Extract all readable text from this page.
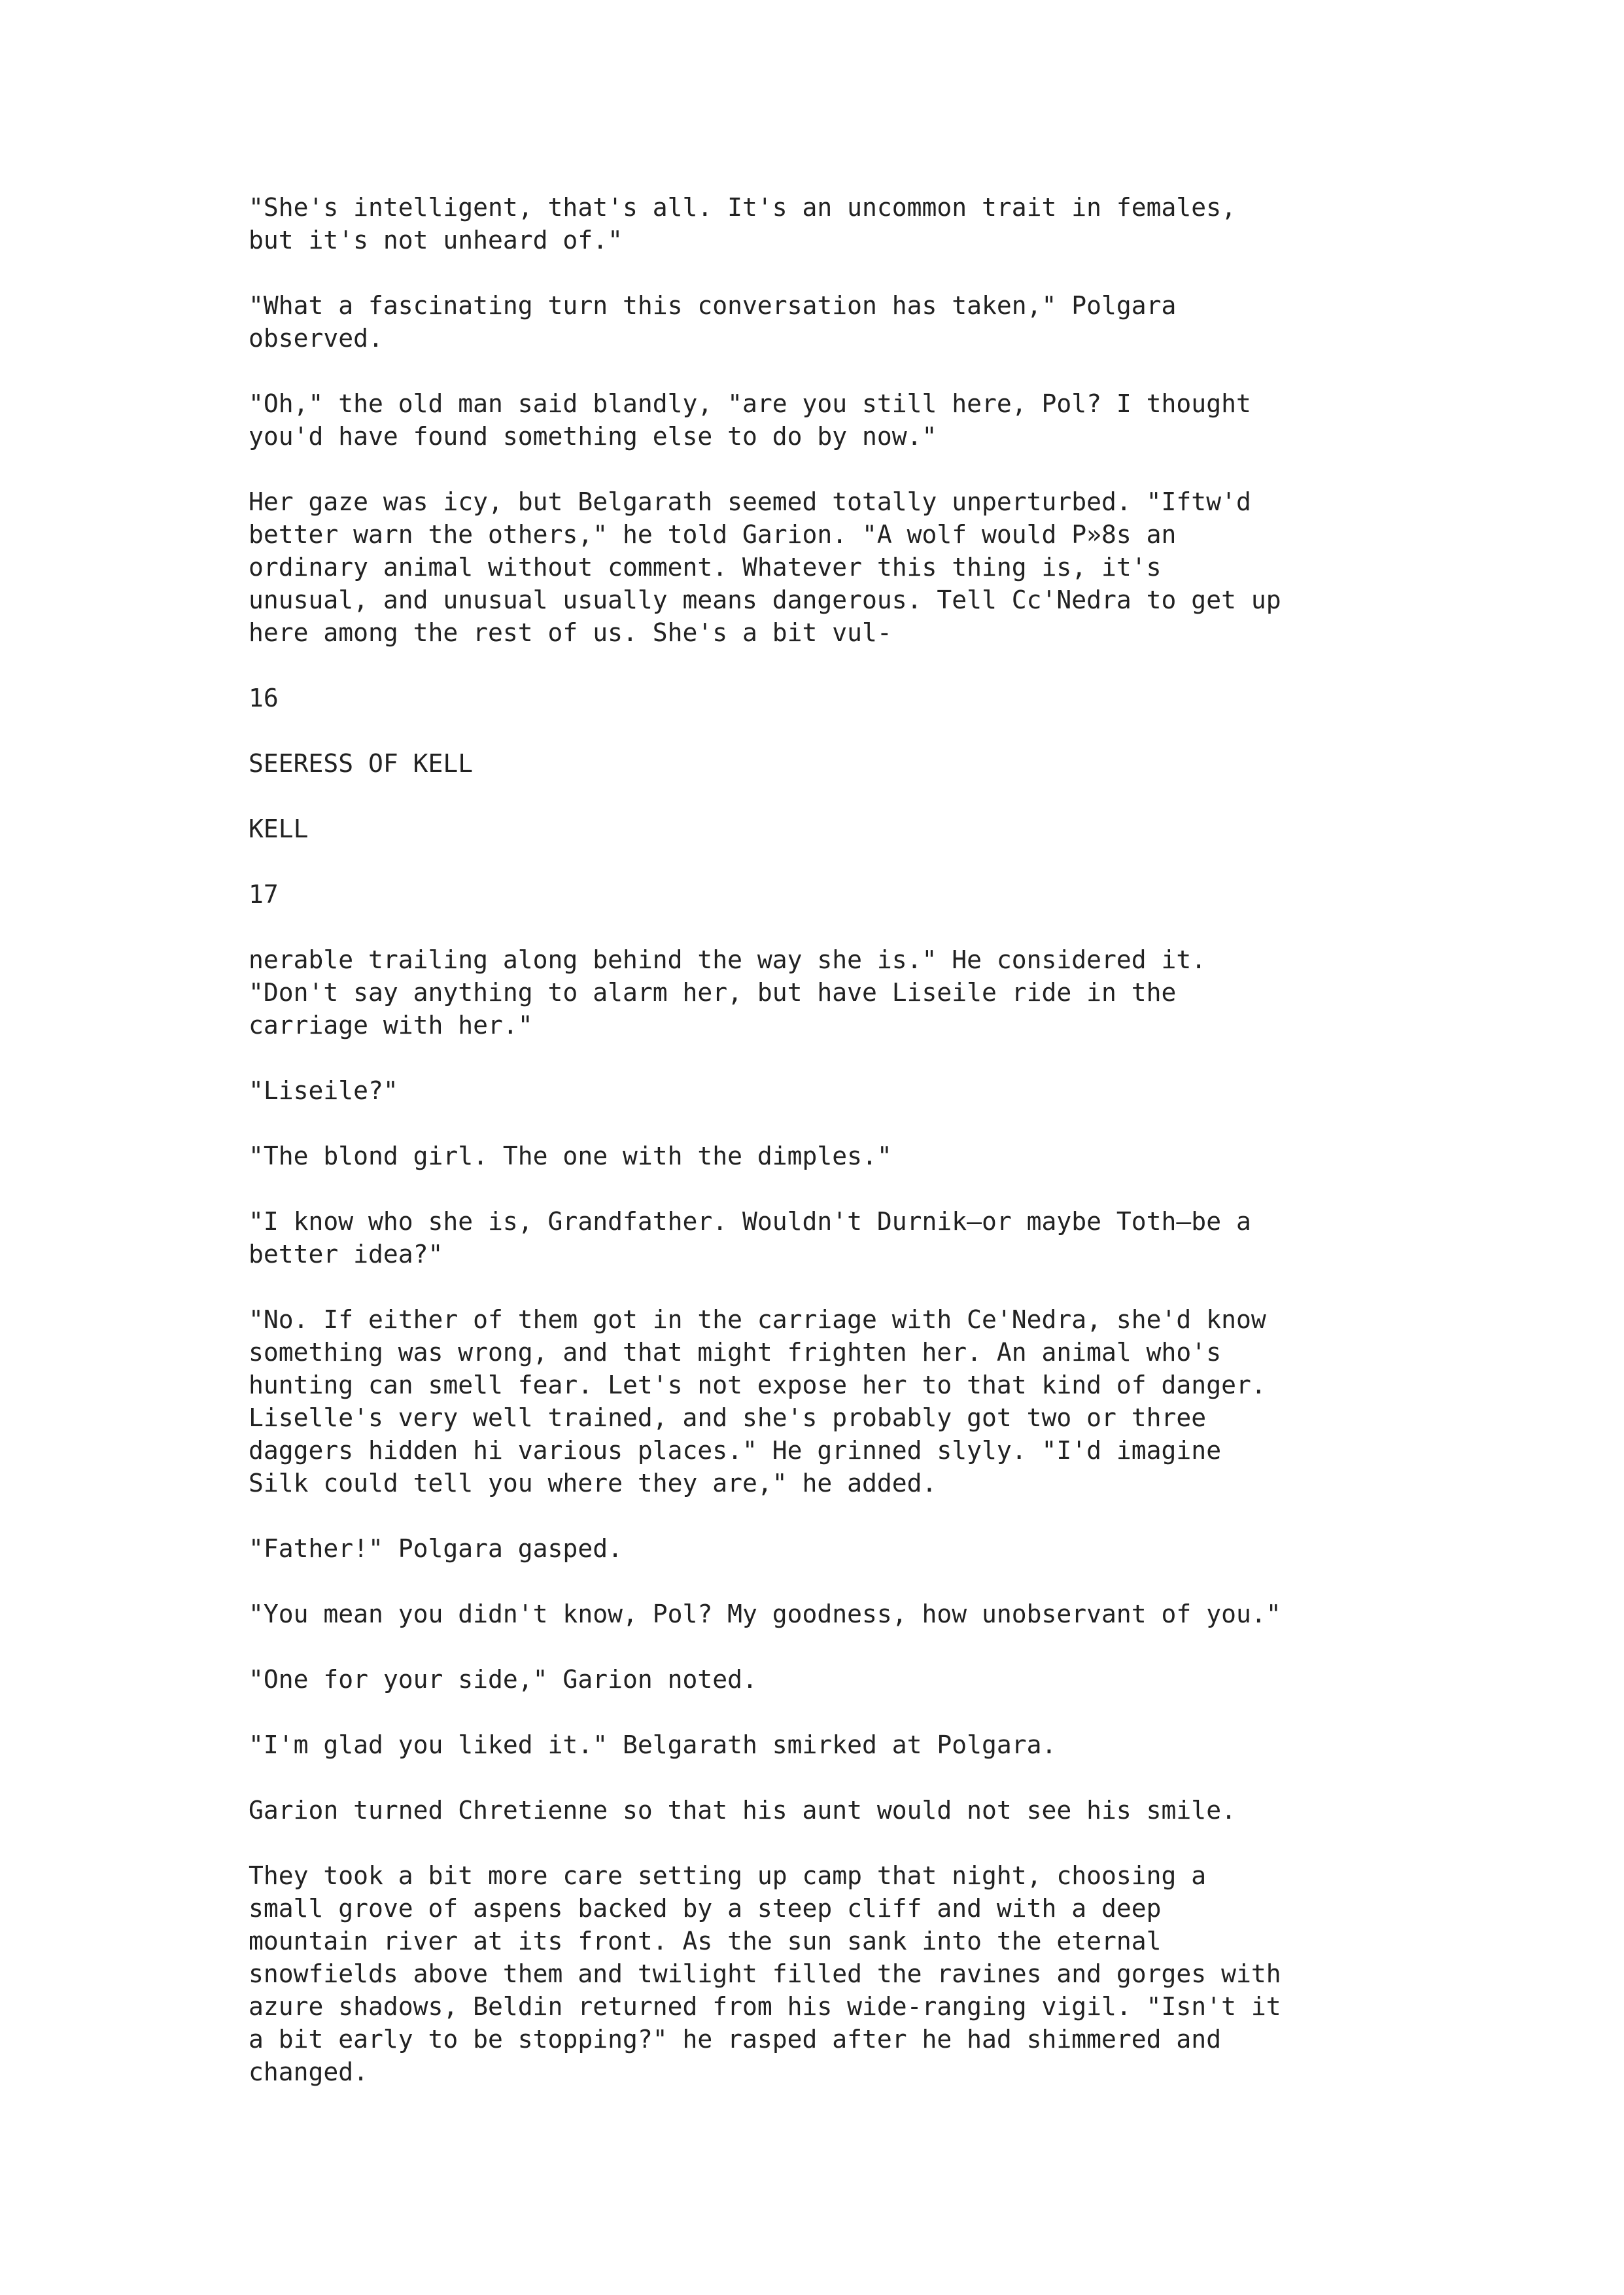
"She's intelligent, that's all. It's an uncommon trait in females,
but it's not unheard of."

"What a fascinating turn this conversation has taken," Polgara
observed.

"Oh," the old man said blandly, "are you still here, Pol? I thought
you'd have found something else to do by now."

Her gaze was icy, but Belgarath seemed totally unperturbed. "Iftw'd
better warn the others," he told Garion. "A wolf would P»8s an
ordinary animal without comment. Whatever this thing is, it's
unusual, and unusual usually means dangerous. Tell Cc'Nedra to get up
here among the rest of us. She's a bit vul-

16

SEERESS OF KELL

KELL

17

nerable trailing along behind the way she is." He considered it.
"Don't say anything to alarm her, but have Liseile ride in the
carriage with her."

"Liseile?"

"The blond girl. The one with the dimples."

"I know who she is, Grandfather. Wouldn't Durnik—or maybe Toth—be a
better idea?"

"No. If either of them got in the carriage with Ce'Nedra, she'd know
something was wrong, and that might frighten her. An animal who's
hunting can smell fear. Let's not expose her to that kind of danger.
Liselle's very well trained, and she's probably got two or three
daggers hidden hi various places." He grinned slyly. "I'd imagine
Silk could tell you where they are," he added.

"Father!" Polgara gasped.

"You mean you didn't know, Pol? My goodness, how unobservant of you."

"One for your side," Garion noted.

"I'm glad you liked it." Belgarath smirked at Polgara.

Garion turned Chretienne so that his aunt would not see his smile.

They took a bit more care setting up camp that night, choosing a
small grove of aspens backed by a steep cliff and with a deep
mountain river at its front. As the sun sank into the eternal
snowfields above them and twilight filled the ravines and gorges with
azure shadows, Beldin returned from his wide-ranging vigil. "Isn't it
a bit early to be stopping?" he rasped after he had shimmered and
changed.
